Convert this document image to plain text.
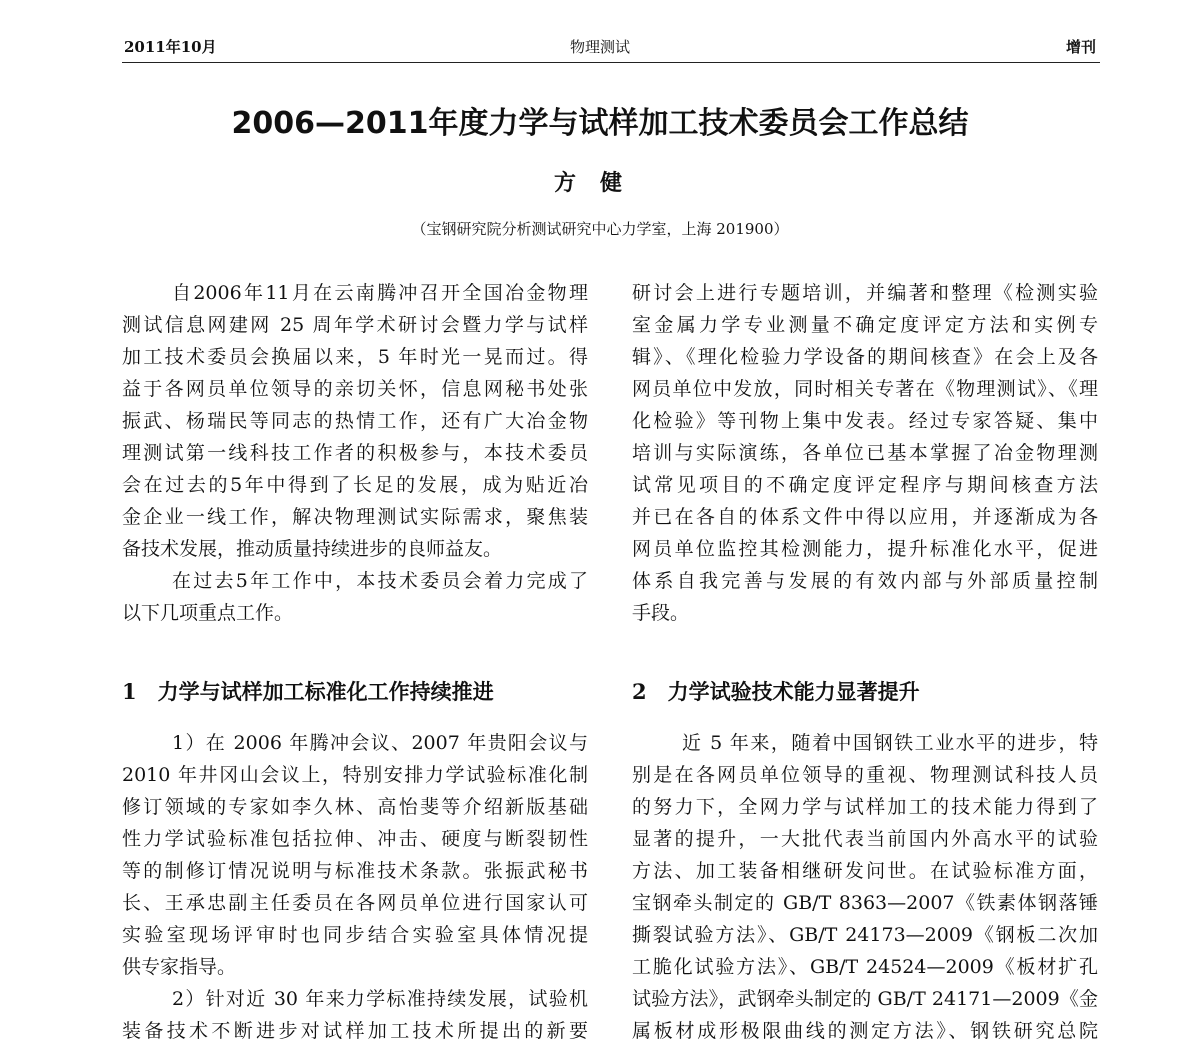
2011年10月	物理测试	增刊
2006—2011年度力学与试样加工技术委员会工作总结
方健
（宝钢研究院分析测试研究中心力学室，上海 201900）
自2006年11月在云南腾冲召开全国冶金物理
测试信息网建网 25 周年学术研讨会暨力学与试样
加工技术委员会换届以来，5 年时光一晃而过。得
益于各网员单位领导的亲切关怀，信息网秘书处张
振武、杨瑞民等同志的热情工作，还有广大冶金物
理测试第一线科技工作者的积极参与，本技术委员
会在过去的5年中得到了长足的发展，成为贴近冶
金企业一线工作，解决物理测试实际需求，聚焦装
备技术发展，推动质量持续进步的良师益友。
在过去5年工作中，本技术委员会着力完成了
以下几项重点工作。
1　力学与试样加工标准化工作持续推进
1）在 2006 年腾冲会议、2007 年贵阳会议与
2010 年井冈山会议上，特别安排力学试验标准化制
修订领域的专家如李久林、高怡斐等介绍新版基础
性力学试验标准包括拉伸、冲击、硬度与断裂韧性
等的制修订情况说明与标准技术条款。张振武秘书
长、王承忠副主任委员在各网员单位进行国家认可
实验室现场评审时也同步结合实验室具体情况提
供专家指导。
2）针对近 30 年来力学标准持续发展，试验机
装备技术不断进步对试样加工技术所提出的新要
研讨会上进行专题培训，并编著和整理《检测实验
室金属力学专业测量不确定度评定方法和实例专
辑》、《理化检验力学设备的期间核查》在会上及各
网员单位中发放，同时相关专著在《物理测试》、《理
化检验》等刊物上集中发表。经过专家答疑、集中
培训与实际演练，各单位已基本掌握了冶金物理测
试常见项目的不确定度评定程序与期间核查方法
并已在各自的体系文件中得以应用，并逐渐成为各
网员单位监控其检测能力，提升标准化水平，促进
体系自我完善与发展的有效内部与外部质量控制
手段。
2　力学试验技术能力显著提升
近 5 年来，随着中国钢铁工业水平的进步，特
别是在各网员单位领导的重视、物理测试科技人员
的努力下，全网力学与试样加工的技术能力得到了
显著的提升，一大批代表当前国内外高水平的试验
方法、加工装备相继研发问世。在试验标准方面，
宝钢牵头制定的 GB/T 8363—2007《铁素体钢落锤
撕裂试验方法》、GB/T 24173—2009《钢板二次加
工脆化试验方法》、GB/T 24524—2009《板材扩孔
试验方法》，武钢牵头制定的 GB/T 24171—2009《金
属板材成形极限曲线的测定方法》、钢铁研究总院
